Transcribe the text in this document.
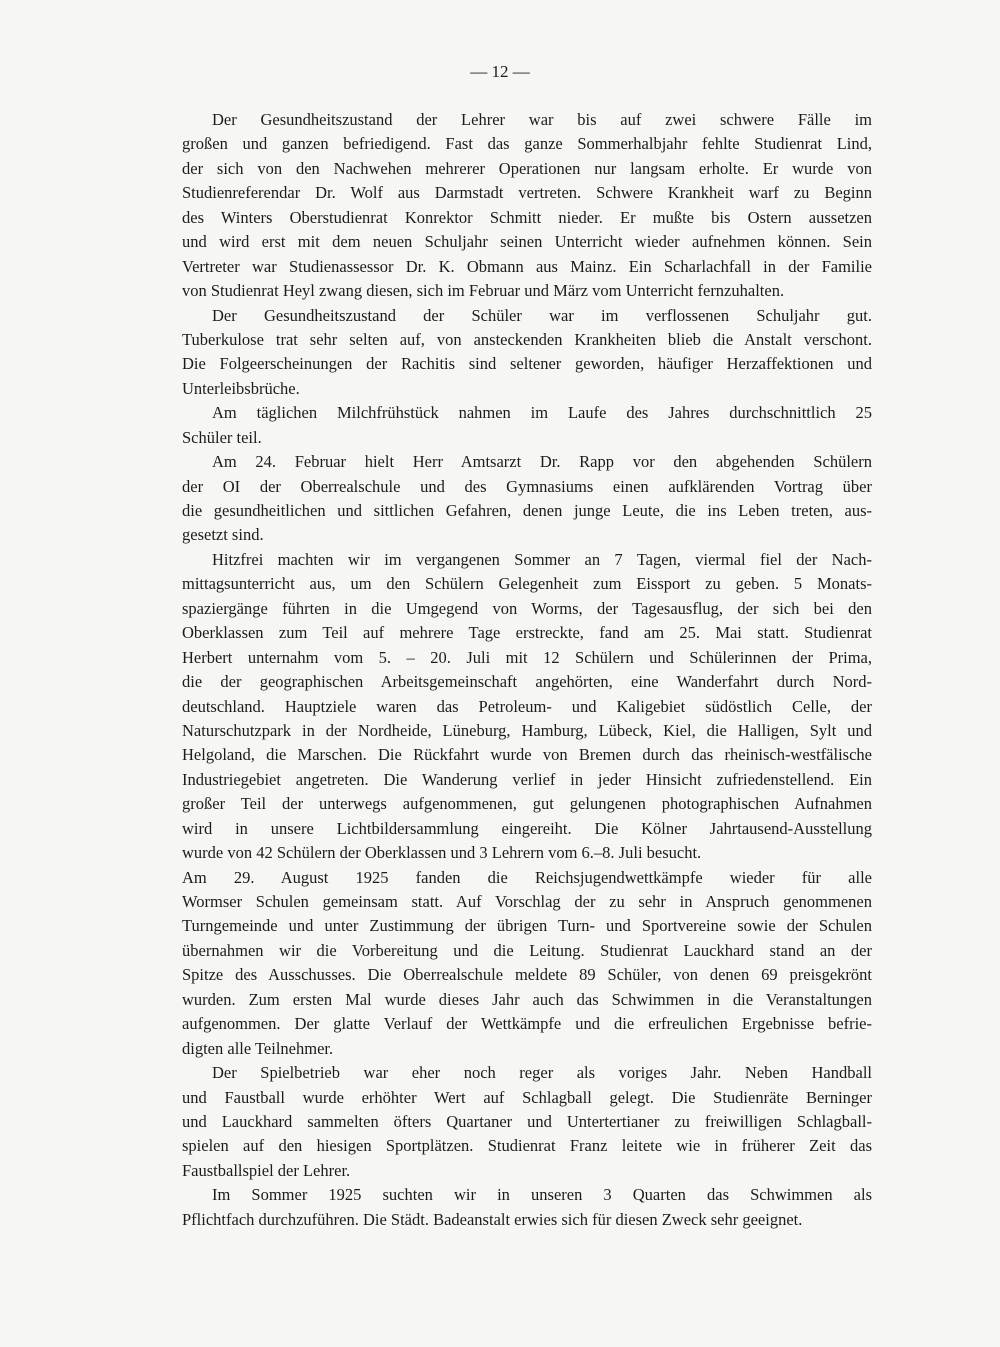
— 12 —
Der Gesundheitszustand der Lehrer war bis auf zwei schwere Fälle im
großen und ganzen befriedigend. Fast das ganze Sommerhalbjahr fehlte Studienrat Lind,
der sich von den Nachwehen mehrerer Operationen nur langsam erholte. Er wurde von
Studienreferendar Dr. Wolf aus Darmstadt vertreten. Schwere Krankheit warf zu Beginn
des Winters Oberstudienrat Konrektor Schmitt nieder. Er mußte bis Ostern aussetzen
und wird erst mit dem neuen Schuljahr seinen Unterricht wieder aufnehmen können. Sein
Vertreter war Studienassessor Dr. K. Obmann aus Mainz. Ein Scharlachfall in der Familie
von Studienrat Heyl zwang diesen, sich im Februar und März vom Unterricht fernzuhalten.
Der Gesundheitszustand der Schüler war im verflossenen Schuljahr gut.
Tuberkulose trat sehr selten auf, von ansteckenden Krankheiten blieb die Anstalt verschont.
Die Folgeerscheinungen der Rachitis sind seltener geworden, häufiger Herzaffektionen und
Unterleibsbrüche.
Am täglichen Milchfrühstück nahmen im Laufe des Jahres durchschnittlich 25
Schüler teil.
Am 24. Februar hielt Herr Amtsarzt Dr. Rapp vor den abgehenden Schülern
der OI der Oberrealschule und des Gymnasiums einen aufklärenden Vortrag über
die gesundheitlichen und sittlichen Gefahren, denen junge Leute, die ins Leben treten, aus-
gesetzt sind.
Hitzfrei machten wir im vergangenen Sommer an 7 Tagen, viermal fiel der Nach-
mittagsunterricht aus, um den Schülern Gelegenheit zum Eissport zu geben. 5 Monats-
spaziergänge führten in die Umgegend von Worms, der Tagesausflug, der sich bei den
Oberklassen zum Teil auf mehrere Tage erstreckte, fand am 25. Mai statt. Studienrat
Herbert unternahm vom 5. – 20. Juli mit 12 Schülern und Schülerinnen der Prima,
die der geographischen Arbeitsgemeinschaft angehörten, eine Wanderfahrt durch Nord-
deutschland. Hauptziele waren das Petroleum- und Kaligebiet südöstlich Celle, der
Naturschutzpark in der Nordheide, Lüneburg, Hamburg, Lübeck, Kiel, die Halligen, Sylt und
Helgoland, die Marschen. Die Rückfahrt wurde von Bremen durch das rheinisch-westfälische
Industriegebiet angetreten. Die Wanderung verlief in jeder Hinsicht zufriedenstellend. Ein
großer Teil der unterwegs aufgenommenen, gut gelungenen photographischen Aufnahmen
wird in unsere Lichtbildersammlung eingereiht. Die Kölner Jahrtausend-Ausstellung
wurde von 42 Schülern der Oberklassen und 3 Lehrern vom 6.–8. Juli besucht.
Am 29. August 1925 fanden die Reichsjugendwettkämpfe wieder für alle
Wormser Schulen gemeinsam statt. Auf Vorschlag der zu sehr in Anspruch genommenen
Turngemeinde und unter Zustimmung der übrigen Turn- und Sportvereine sowie der Schulen
übernahmen wir die Vorbereitung und die Leitung. Studienrat Lauckhard stand an der
Spitze des Ausschusses. Die Oberrealschule meldete 89 Schüler, von denen 69 preisgekrönt
wurden. Zum ersten Mal wurde dieses Jahr auch das Schwimmen in die Veranstaltungen
aufgenommen. Der glatte Verlauf der Wettkämpfe und die erfreulichen Ergebnisse befrie-
digten alle Teilnehmer.
Der Spielbetrieb war eher noch reger als voriges Jahr. Neben Handball
und Faustball wurde erhöhter Wert auf Schlagball gelegt. Die Studienräte Berninger
und Lauckhard sammelten öfters Quartaner und Untertertianer zu freiwilligen Schlagball-
spielen auf den hiesigen Sportplätzen. Studienrat Franz leitete wie in früherer Zeit das
Faustballspiel der Lehrer.
Im Sommer 1925 suchten wir in unseren 3 Quarten das Schwimmen als
Pflichtfach durchzuführen. Die Städt. Badeanstalt erwies sich für diesen Zweck sehr geeignet.
